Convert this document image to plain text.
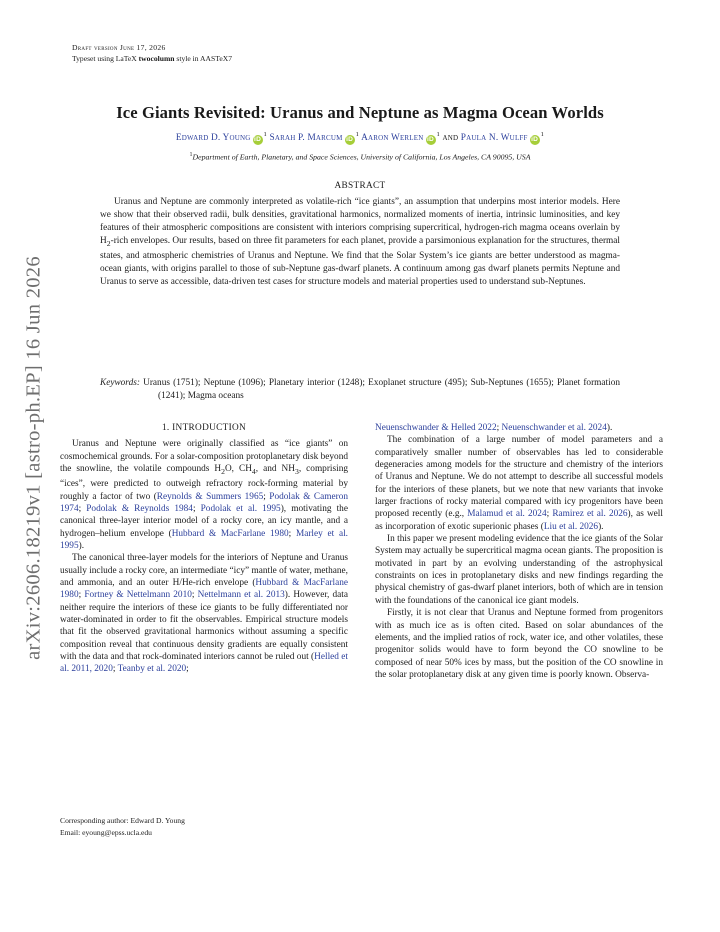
arXiv:2606.18219v1 [astro-ph.EP] 16 Jun 2026
Draft version June 17, 2026
Typeset using LaTeX twocolumn style in AASTeX7
Ice Giants Revisited: Uranus and Neptune as Magma Ocean Worlds
Edward D. Young $iD^1$ Sarah P. Marcum $iD^1$ Aaron Werlen $iD^1$ and Paula N. Wulff $iD^1$
$^1$Department of Earth, Planetary, and Space Sciences, University of California, Los Angeles, CA 90095, USA
ABSTRACT

Uranus and Neptune are commonly interpreted as volatile-rich “ice giants”, an assumption that underpins most interior models. Here we show that their observed radii, bulk densities, gravitational harmonics, normalized moments of inertia, intrinsic luminosities, and key features of their atmospheric compositions are consistent with interiors comprising supercritical, hydrogen-rich magma oceans overlain by $H_2$-rich envelopes. Our results, based on three fit parameters for each planet, provide a parsimonious explanation for the structures, thermal states, and atmospheric chemistries of Uranus and Neptune. We find that the Solar System’s ice giants are better understood as magma-ocean giants, with origins parallel to those of sub-Neptune gas-dwarf planets. A continuum among gas dwarf planets permits Neptune and Uranus to serve as accessible, data-driven test cases for structure models and material properties used to understand sub-Neptunes.

Keywords: Uranus (1751); Neptune (1096); Planetary interior (1248); Exoplanet structure (495); Sub-Neptunes (1655); Planet formation (1241); Magma oceans

1. INTRODUCTION

Uranus and Neptune were originally classified as “ice giants” on cosmochemical grounds. For a solar-composition protoplanetary disk beyond the snowline, the volatile compounds $H_2O$, $CH_4$, and $NH_3$, comprising “ices”, were predicted to outweigh refractory rock-forming material by roughly a factor of two (Reynolds & Summers 1965; Podolak & Cameron 1974; Podolak & Reynolds 1984; Podolak et al. 1995), motivating the canonical three-layer interior model of a rocky core, an icy mantle, and a hydrogen–helium envelope (Hubbard & MacFarlane 1980; Marley et al. 1995).

The canonical three-layer models for the interiors of Neptune and Uranus usually include a rocky core, an intermediate “icy” mantle of water, methane, and ammonia, and an outer H/He-rich envelope (Hubbard & MacFarlane 1980; Fortney & Nettelmann 2010; Nettelmann et al. 2013). However, data neither require the interiors of these ice giants to be fully differentiated nor water-dominated in order to fit the observables. Empirical structure models that fit the observed gravitational harmonics without assuming a specific composition reveal that continuous density gradients are equally consistent with the data and that rock-dominated interiors cannot be ruled out (Helled et al. 2011, 2020; Teanby et al. 2020;

Neuenschwander & Helled 2022; Neuenschwander et al. 2024).

The combination of a large number of model parameters and a comparatively smaller number of observables has led to considerable degeneracies among models for the structure and chemistry of the interiors of Uranus and Neptune. We do not attempt to describe all successful models for the interiors of these planets, but we note that new variants that invoke larger fractions of rocky material compared with icy progenitors have been proposed recently (e.g., Malamud et al. 2024; Ramirez et al. 2026), as well as incorporation of exotic superionic phases (Liu et al. 2026).

In this paper we present modeling evidence that the ice giants of the Solar System may actually be supercritical magma ocean giants. The proposition is motivated in part by an evolving understanding of the astrophysical constraints on ices in protoplanetary disks and new findings regarding the physical chemistry of gas-dwarf planet interiors, both of which are in tension with the foundations of the canonical ice giant models.

Firstly, it is not clear that Uranus and Neptune formed from progenitors with as much ice as is often cited. Based on solar abundances of the elements, and the implied ratios of rock, water ice, and other volatiles, these progenitor solids would have to form beyond the CO snowline to be composed of near 50% ices by mass, but the position of the CO snowline in the solar protoplanetary disk at any given time is poorly known. Observa-

Corresponding author: Edward D. Young
Email: eyoung@epss.ucla.edu
